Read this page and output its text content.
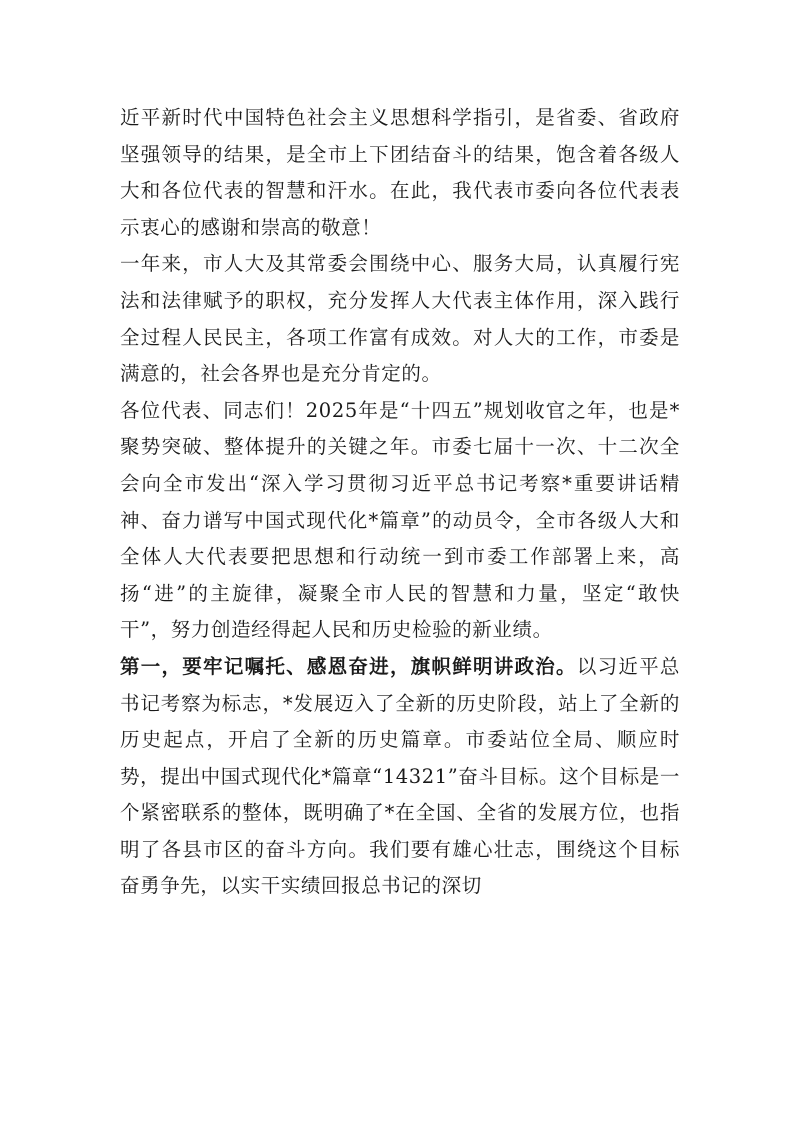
近平新时代中国特色社会主义思想科学指引，是省委、省政府坚强领导的结果，是全市上下团结奋斗的结果，饱含着各级人大和各位代表的智慧和汗水。在此，我代表市委向各位代表表示衷心的感谢和崇高的敬意！

一年来，市人大及其常委会围绕中心、服务大局，认真履行宪法和法律赋予的职权，充分发挥人大代表主体作用，深入践行全过程人民民主，各项工作富有成效。对人大的工作，市委是满意的，社会各界也是充分肯定的。

各位代表、同志们！2025年是“十四五”规划收官之年，也是*聚势突破、整体提升的关键之年。市委七届十一次、十二次全会向全市发出“深入学习贯彻习近平总书记考察*重要讲话精神、奋力谱写中国式现代化*篇章”的动员令，全市各级人大和全体人大代表要把思想和行动统一到市委工作部署上来，高扬“进”的主旋律，凝聚全市人民的智慧和力量，坚定“敢快干”，努力创造经得起人民和历史检验的新业绩。

第一，要牢记嘱托、感恩奋进，旗帜鲜明讲政治。以习近平总书记考察为标志，*发展迈入了全新的历史阶段，站上了全新的历史起点，开启了全新的历史篇章。市委站位全局、顺应时势，提出中国式现代化*篇章“14321”奋斗目标。这个目标是一个紧密联系的整体，既明确了*在全国、全省的发展方位，也指明了各县市区的奋斗方向。我们要有雄心壮志，围绕这个目标奋勇争先，以实干实绩回报总书记的深切
